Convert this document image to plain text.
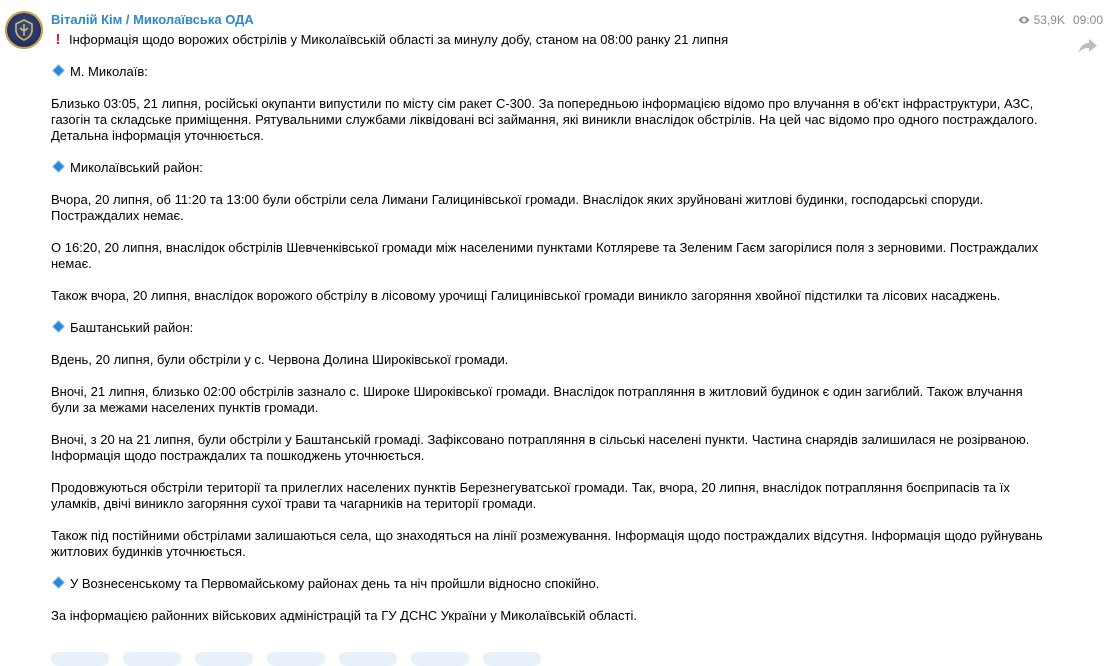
Віталій Кім / Миколаївська ОДА	53,9K 09:00

! Інформація щодо ворожих обстрілів у Миколаївській області за минулу добу, станом на 08:00 ранку 21 липня

М. Миколаїв:

Близько 03:05, 21 липня, російські окупанти випустили по місту сім ракет С-300. За попередньою інформацією відомо про влучання в об'єкт інфраструктури, АЗС, газогін та складське приміщення. Рятувальними службами ліквідовані всі займання, які виникли внаслідок обстрілів. На цей час відомо про одного постраждалого. Детальна інформація уточнюється.

Миколаївський район:

Вчора, 20 липня, об 11:20 та 13:00 були обстріли села Лимани Галицинівської громади. Внаслідок яких зруйновані житлові будинки, господарські споруди. Постраждалих немає.

О 16:20, 20 липня, внаслідок обстрілів Шевченківської громади між населеними пунктами Котляреве та Зеленим Гаєм загорілися поля з зерновими. Постраждалих немає.

Також вчора, 20 липня, внаслідок ворожого обстрілу в лісовому урочищі Галицинівської громади виникло загоряння хвойної підстилки та лісових насаджень.

Баштанський район:

Вдень, 20 липня, були обстріли у с. Червона Долина Широківської громади.

Вночі, 21 липня, близько 02:00 обстрілів зазнало с. Широке Широківської громади. Внаслідок потрапляння в житловий будинок є один загиблий. Також влучання були за межами населених пунктів громади.

Вночі, з 20 на 21 липня, були обстріли у Баштанській громаді. Зафіксовано потрапляння в сільські населені пункти. Частина снарядів залишилася не розірваною. Інформація щодо постраждалих та пошкоджень уточнюється.

Продовжуються обстріли території та прилеглих населених пунктів Березнегуватської громади. Так, вчора, 20 липня, внаслідок потрапляння боєприпасів та їх уламків, двічі виникло загоряння сухої трави та чагарників на території громади.

Також під постійними обстрілами залишаються села, що знаходяться на лінії розмежування. Інформація щодо постраждалих відсутня. Інформація щодо руйнувань житлових будинків уточнюється.

У Вознесенському та Первомайському районах день та ніч пройшли відносно спокійно.

За інформацією районних військових адміністрацій та ГУ ДСНС України у Миколаївській області.
